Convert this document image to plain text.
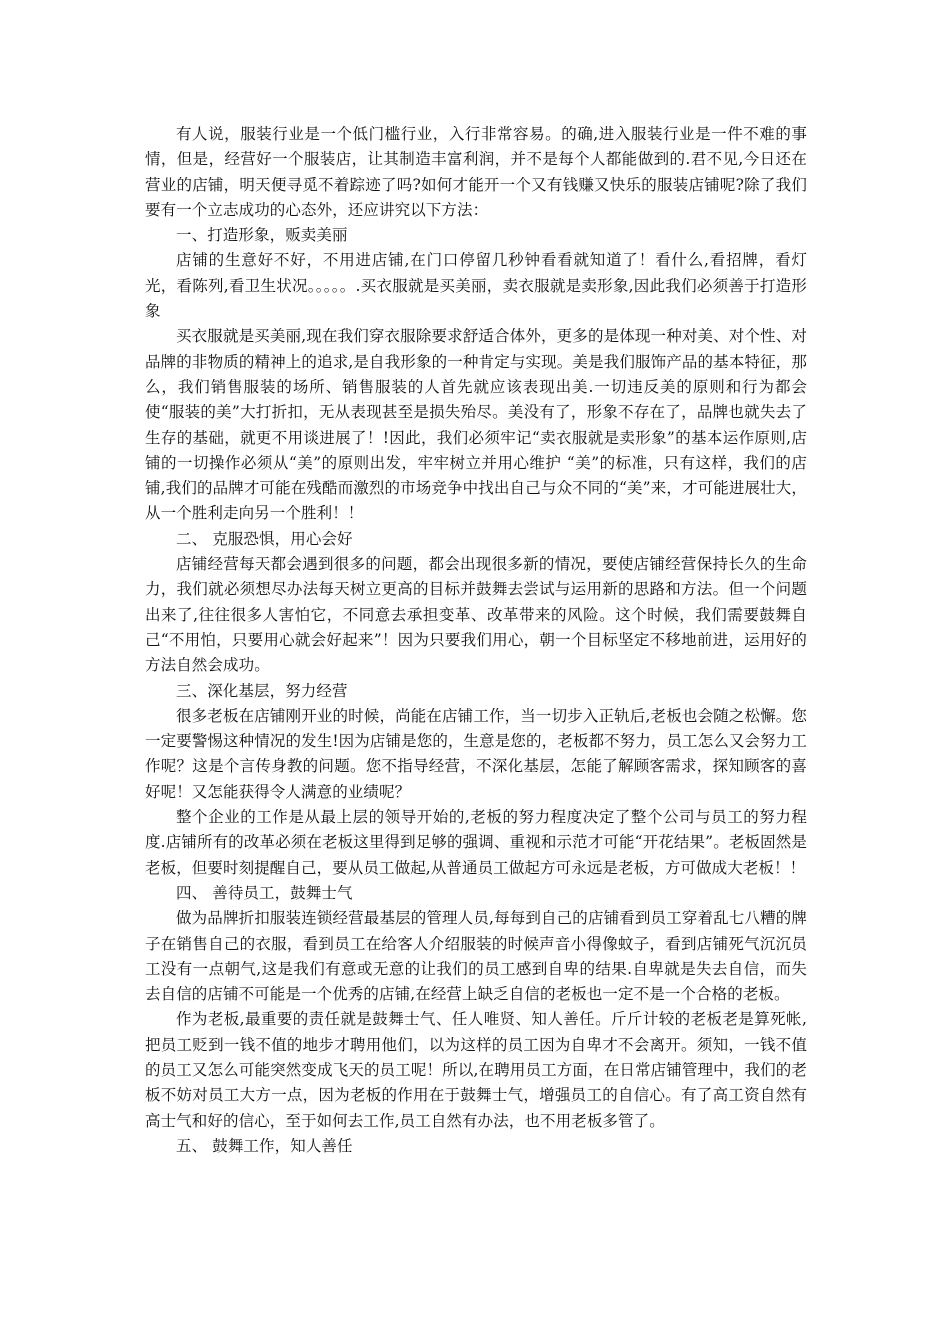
有人说，服装行业是一个低门槛行业，入行非常容易。的确,进入服装行业是一件不难的事情，但是，经营好一个服装店，让其制造丰富利润，并不是每个人都能做到的.君不见,今日还在营业的店铺，明天便寻觅不着踪迹了吗?如何才能开一个又有钱赚又快乐的服装店铺呢?除了我们要有一个立志成功的心态外，还应讲究以下方法：

一、打造形象，贩卖美丽

店铺的生意好不好，不用进店铺,在门口停留几秒钟看看就知道了！看什么,看招牌，看灯光，看陈列,看卫生状况。。。。。.买衣服就是买美丽，卖衣服就是卖形象,因此我们必须善于打造形象

买衣服就是买美丽,现在我们穿衣服除要求舒适合体外，更多的是体现一种对美、对个性、对品牌的非物质的精神上的追求,是自我形象的一种肯定与实现。美是我们服饰产品的基本特征，那么，我们销售服装的场所、销售服装的人首先就应该表现出美.一切违反美的原则和行为都会使“服装的美”大打折扣，无从表现甚至是损失殆尽。美没有了，形象不存在了，品牌也就失去了生存的基础，就更不用谈进展了！!因此，我们必须牢记“卖衣服就是卖形象”的基本运作原则,店铺的一切操作必须从“美”的原则出发，牢牢树立并用心维护 “美”的标准，只有这样，我们的店铺,我们的品牌才可能在残酷而激烈的市场竞争中找出自己与众不同的“美”来，才可能进展壮大，从一个胜利走向另一个胜利！！

二、 克服恐惧，用心会好

店铺经营每天都会遇到很多的问题，都会出现很多新的情况，要使店铺经营保持长久的生命力，我们就必须想尽办法每天树立更高的目标并鼓舞去尝试与运用新的思路和方法。但一个问题出来了,往往很多人害怕它，不同意去承担变革、改革带来的风险。这个时候，我们需要鼓舞自己“不用怕，只要用心就会好起来”！因为只要我们用心，朝一个目标坚定不移地前进，运用好的方法自然会成功。

三、深化基层，努力经营

很多老板在店铺刚开业的时候，尚能在店铺工作，当一切步入正轨后,老板也会随之松懈。您一定要警惕这种情况的发生!因为店铺是您的，生意是您的，老板都不努力，员工怎么又会努力工作呢？这是个言传身教的问题。您不指导经营，不深化基层，怎能了解顾客需求，探知顾客的喜好呢！又怎能获得令人满意的业绩呢？

整个企业的工作是从最上层的领导开始的,老板的努力程度决定了整个公司与员工的努力程度.店铺所有的改革必须在老板这里得到足够的强调、重视和示范才可能“开花结果”。老板固然是老板，但要时刻提醒自己，要从员工做起,从普通员工做起方可永远是老板，方可做成大老板！！

四、 善待员工，鼓舞士气

做为品牌折扣服装连锁经营最基层的管理人员,每每到自己的店铺看到员工穿着乱七八糟的牌子在销售自己的衣服，看到员工在给客人介绍服装的时候声音小得像蚊子，看到店铺死气沉沉员工没有一点朝气,这是我们有意或无意的让我们的员工感到自卑的结果.自卑就是失去自信，而失去自信的店铺不可能是一个优秀的店铺,在经营上缺乏自信的老板也一定不是一个合格的老板。

作为老板,最重要的责任就是鼓舞士气、任人唯贤、知人善任。斤斤计较的老板老是算死帐,把员工贬到一钱不值的地步才聘用他们，以为这样的员工因为自卑才不会离开。须知，一钱不值的员工又怎么可能突然变成飞天的员工呢！所以,在聘用员工方面，在日常店铺管理中，我们的老板不妨对员工大方一点，因为老板的作用在于鼓舞士气，增强员工的自信心。有了高工资自然有高士气和好的信心，至于如何去工作,员工自然有办法，也不用老板多管了。

五、 鼓舞工作，知人善任
